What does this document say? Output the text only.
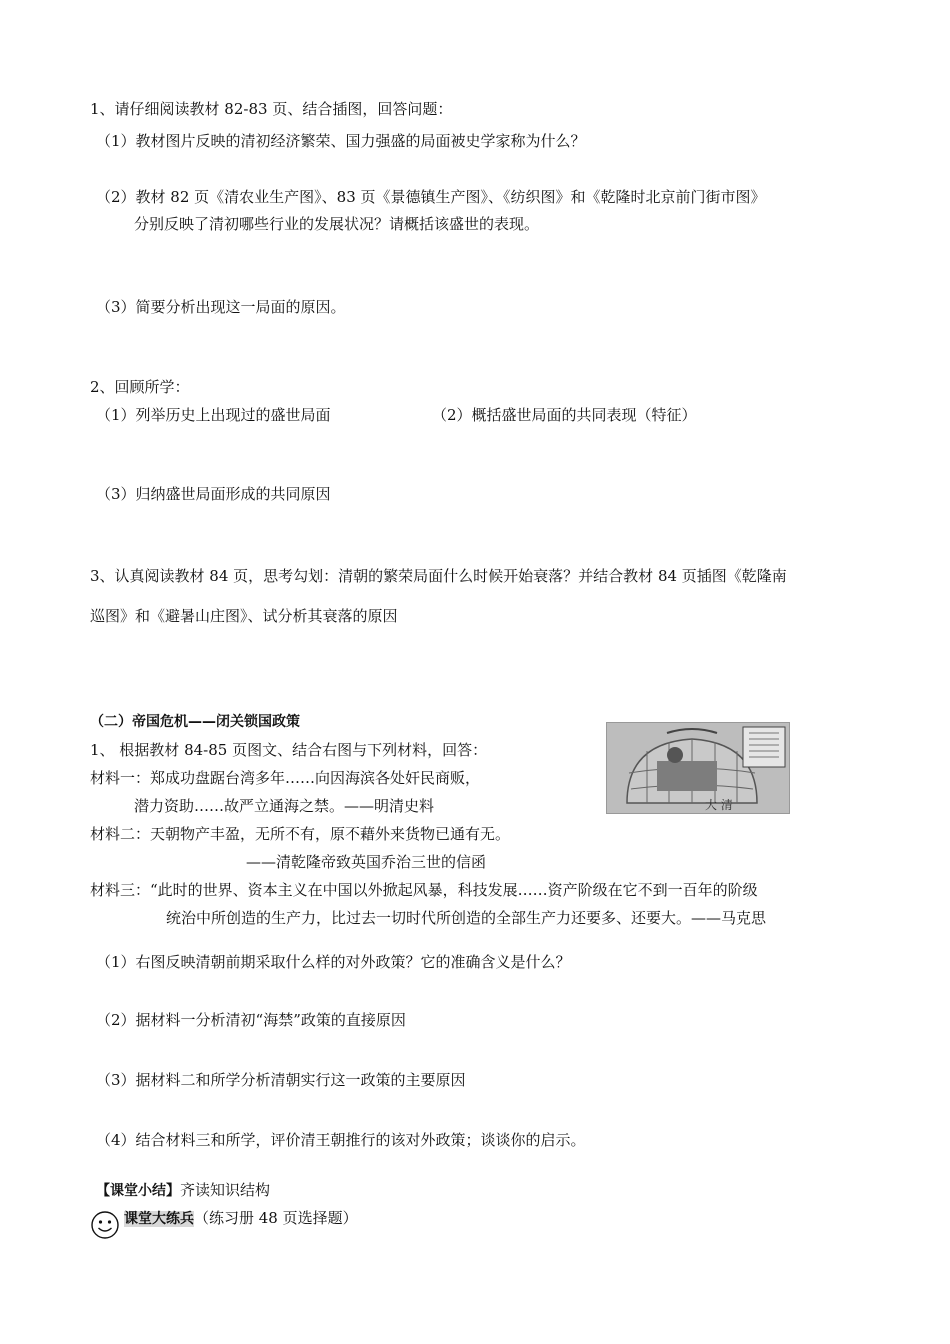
1、请仔细阅读教材 82-83 页、结合插图，回答问题：
（1）教材图片反映的清初经济繁荣、国力强盛的局面被史学家称为什么？
（2）教材 82 页《清农业生产图》、83 页《景德镇生产图》、《纺织图》和《乾隆时北京前门街市图》
分别反映了清初哪些行业的发展状况？请概括该盛世的表现。
（3）简要分析出现这一局面的原因。
2、回顾所学：
（1）列举历史上出现过的盛世局面	（2）概括盛世局面的共同表现（特征）
（3）归纳盛世局面形成的共同原因
3、认真阅读教材 84 页，思考勾划：清朝的繁荣局面什么时候开始衰落？并结合教材 84 页插图《乾隆南
巡图》和《避暑山庄图》、试分析其衰落的原因
（二）帝国危机——闭关锁国政策
1、 根据教材 84-85 页图文、结合右图与下列材料，回答：
材料一：郑成功盘踞台湾多年……向因海滨各处奸民商贩，
潜力资助……故严立通海之禁。——明清史料
材料二：天朝物产丰盈，无所不有，原不藉外来货物已通有无。
——清乾隆帝致英国乔治三世的信函
材料三：“此时的世界、资本主义在中国以外掀起风暴，科技发展……资产阶级在它不到一百年的阶级
统治中所创造的生产力，比过去一切时代所创造的全部生产力还要多、还要大。——马克思
大 清
（1）右图反映清朝前期采取什么样的对外政策？它的准确含义是什么？
（2）据材料一分析清初“海禁”政策的直接原因
（3）据材料二和所学分析清朝实行这一政策的主要原因
（4）结合材料三和所学，评价清王朝推行的该对外政策；谈谈你的启示。
【课堂小结】齐读知识结构
课堂大练兵（练习册 48 页选择题）
